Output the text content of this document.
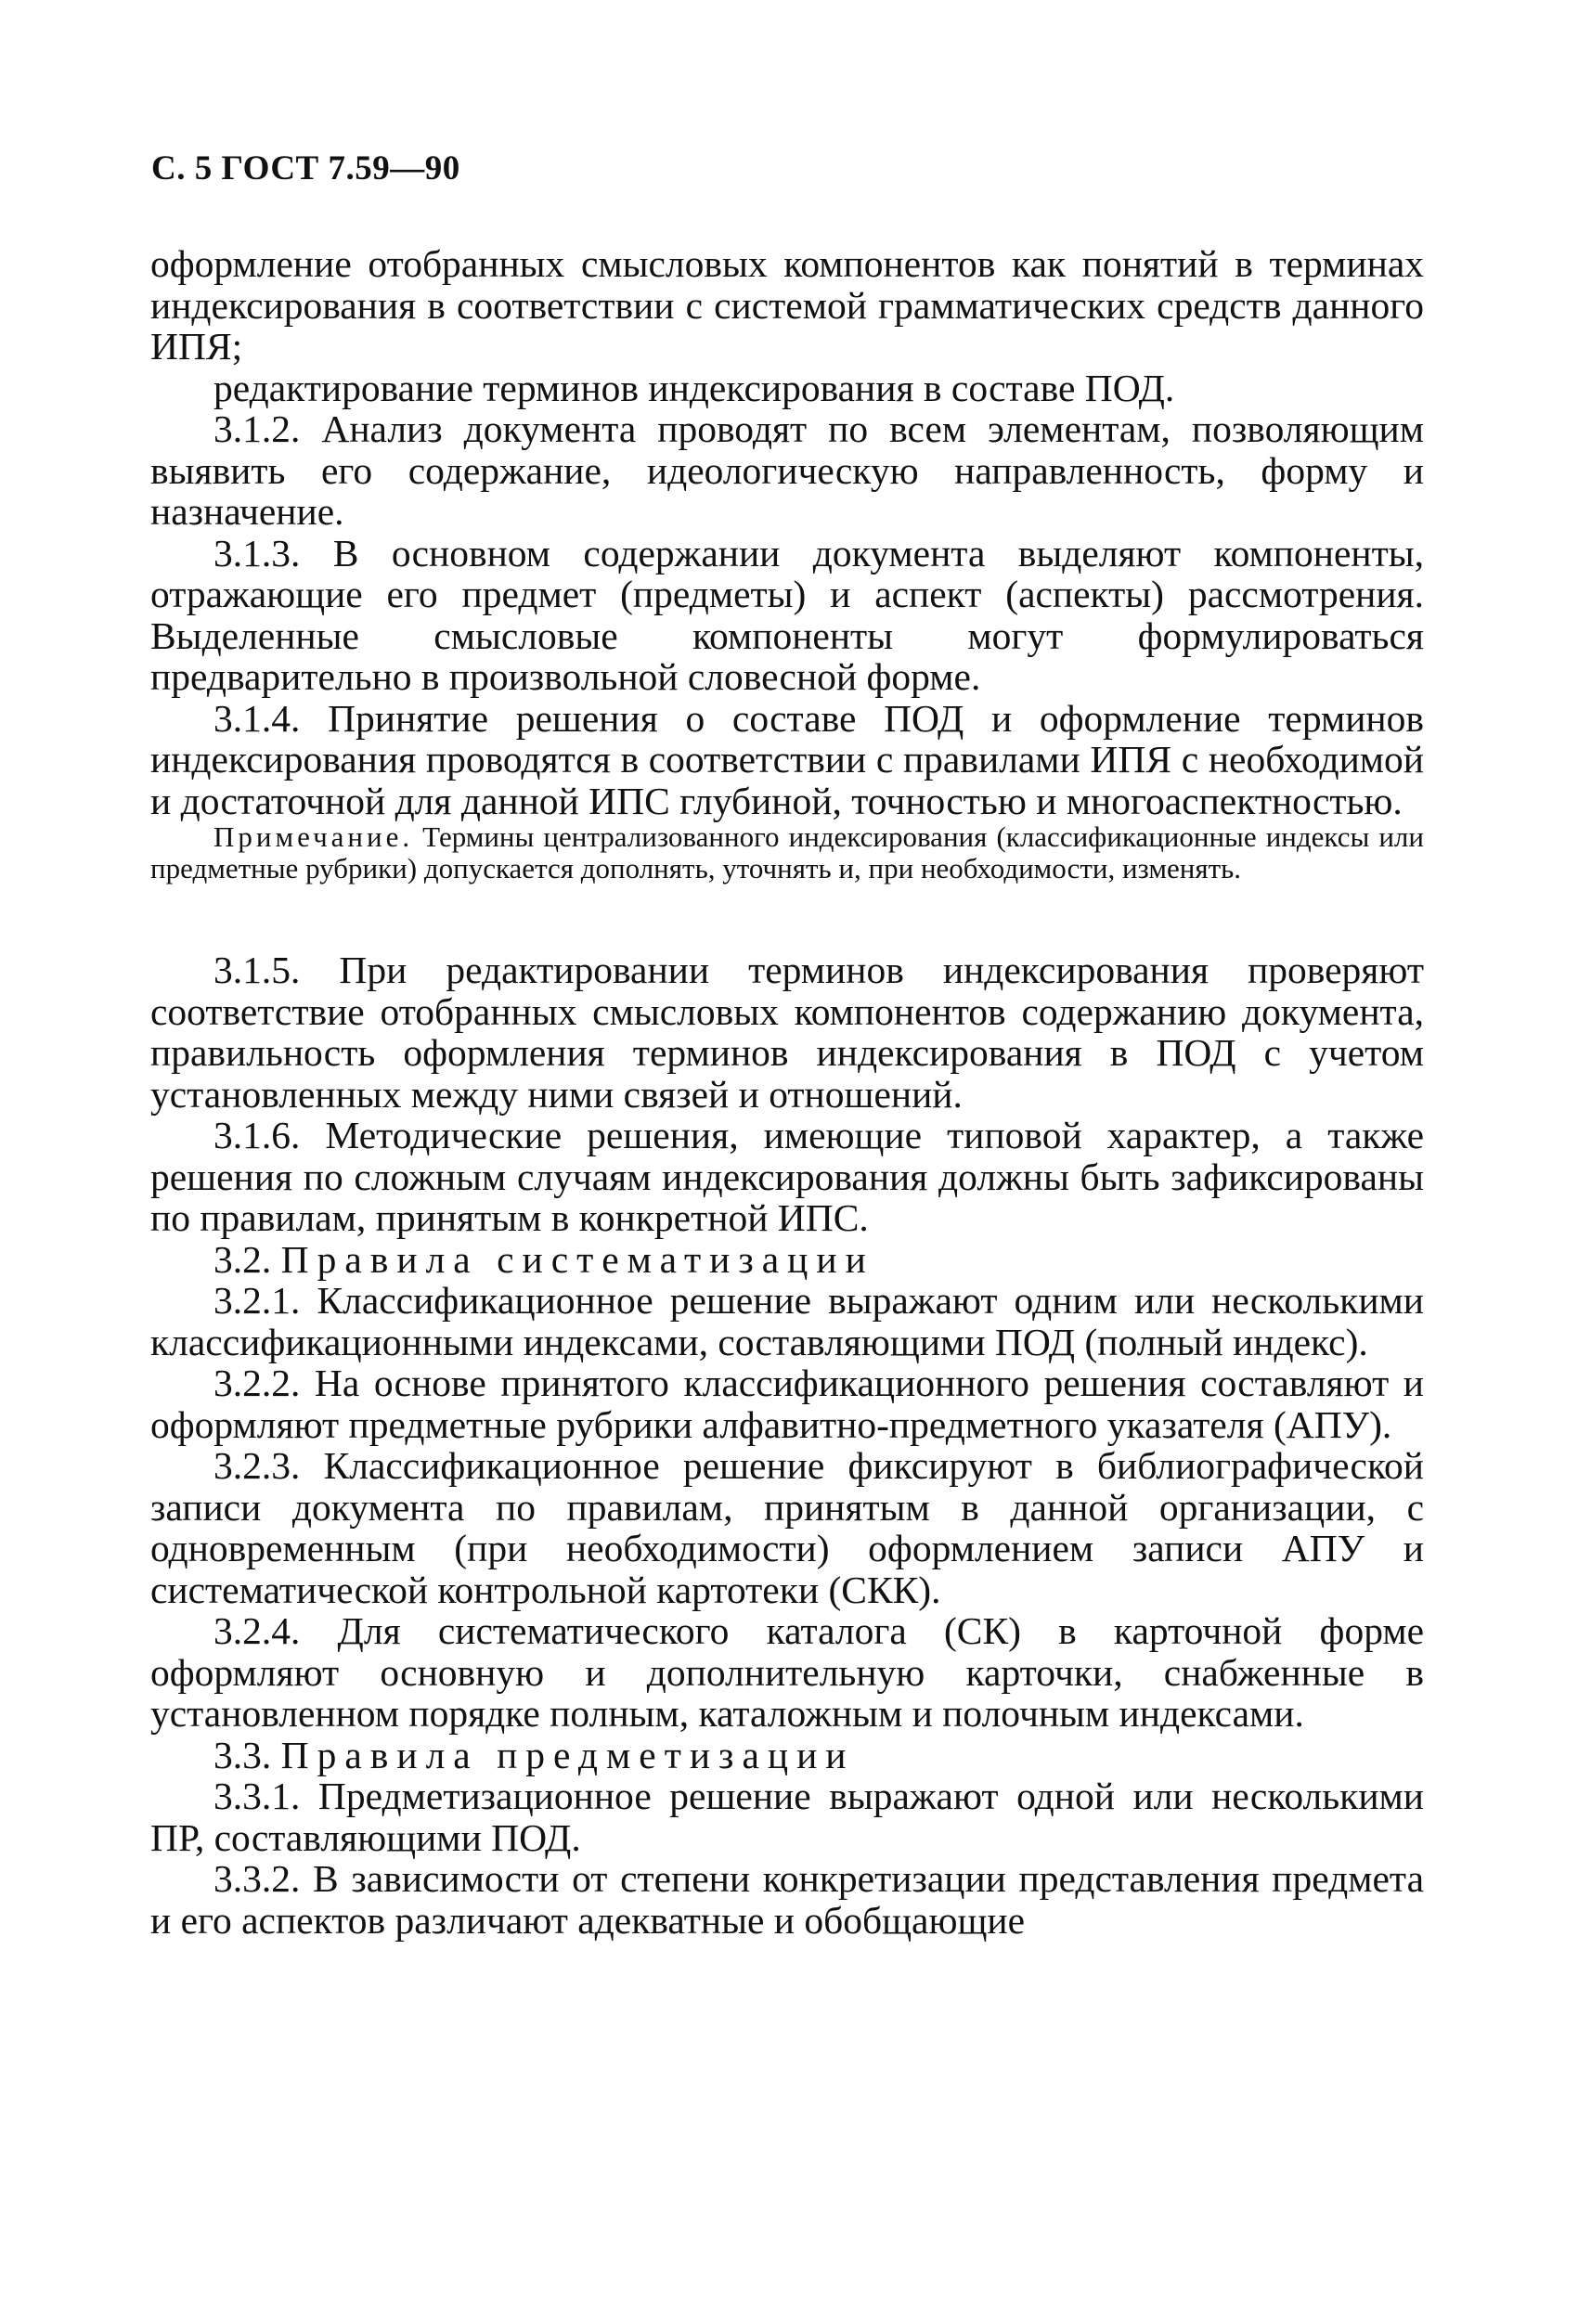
С. 5 ГОСТ 7.59—90

оформление отобранных смысловых компонентов как понятий в терминах индексирования в соответствии с системой грамматических средств данного ИПЯ;

редактирование терминов индексирования в составе ПОД.

3.1.2. Анализ документа проводят по всем элементам, позволяющим выявить его содержание, идеологическую направленность, форму и назначение.

3.1.3. В основном содержании документа выделяют компоненты, отражающие его предмет (предметы) и аспект (аспекты) рассмотрения. Выделенные смысловые компоненты могут формулироваться предварительно в произвольной словесной форме.

3.1.4. Принятие решения о составе ПОД и оформление терминов индексирования проводятся в соответствии с правилами ИПЯ с необходимой и достаточной для данной ИПС глубиной, точностью и многоаспектностью.

Примечание. Термины централизованного индексирования (классификационные индексы или предметные рубрики) допускается дополнять, уточнять и, при необходимости, изменять.

3.1.5. При редактировании терминов индексирования проверяют соответствие отобранных смысловых компонентов содержанию документа, правильность оформления терминов индексирования в ПОД с учетом установленных между ними связей и отношений.

3.1.6. Методические решения, имеющие типовой характер, а также решения по сложным случаям индексирования должны быть зафиксированы по правилам, принятым в конкретной ИПС.

3.2. Правила систематизации

3.2.1. Классификационное решение выражают одним или несколькими классификационными индексами, составляющими ПОД (полный индекс).

3.2.2. На основе принятого классификационного решения составляют и оформляют предметные рубрики алфавитно-предметного указателя (АПУ).

3.2.3. Классификационное решение фиксируют в библиографической записи документа по правилам, принятым в данной организации, с одновременным (при необходимости) оформлением записи АПУ и систематической контрольной картотеки (СКК).

3.2.4. Для систематического каталога (СК) в карточной форме оформляют основную и дополнительную карточки, снабженные в установленном порядке полным, каталожным и полочным индексами.

3.3. Правила предметизации

3.3.1. Предметизационное решение выражают одной или несколькими ПР, составляющими ПОД.

3.3.2. В зависимости от степени конкретизации представления предмета и его аспектов различают адекватные и обобщающие
